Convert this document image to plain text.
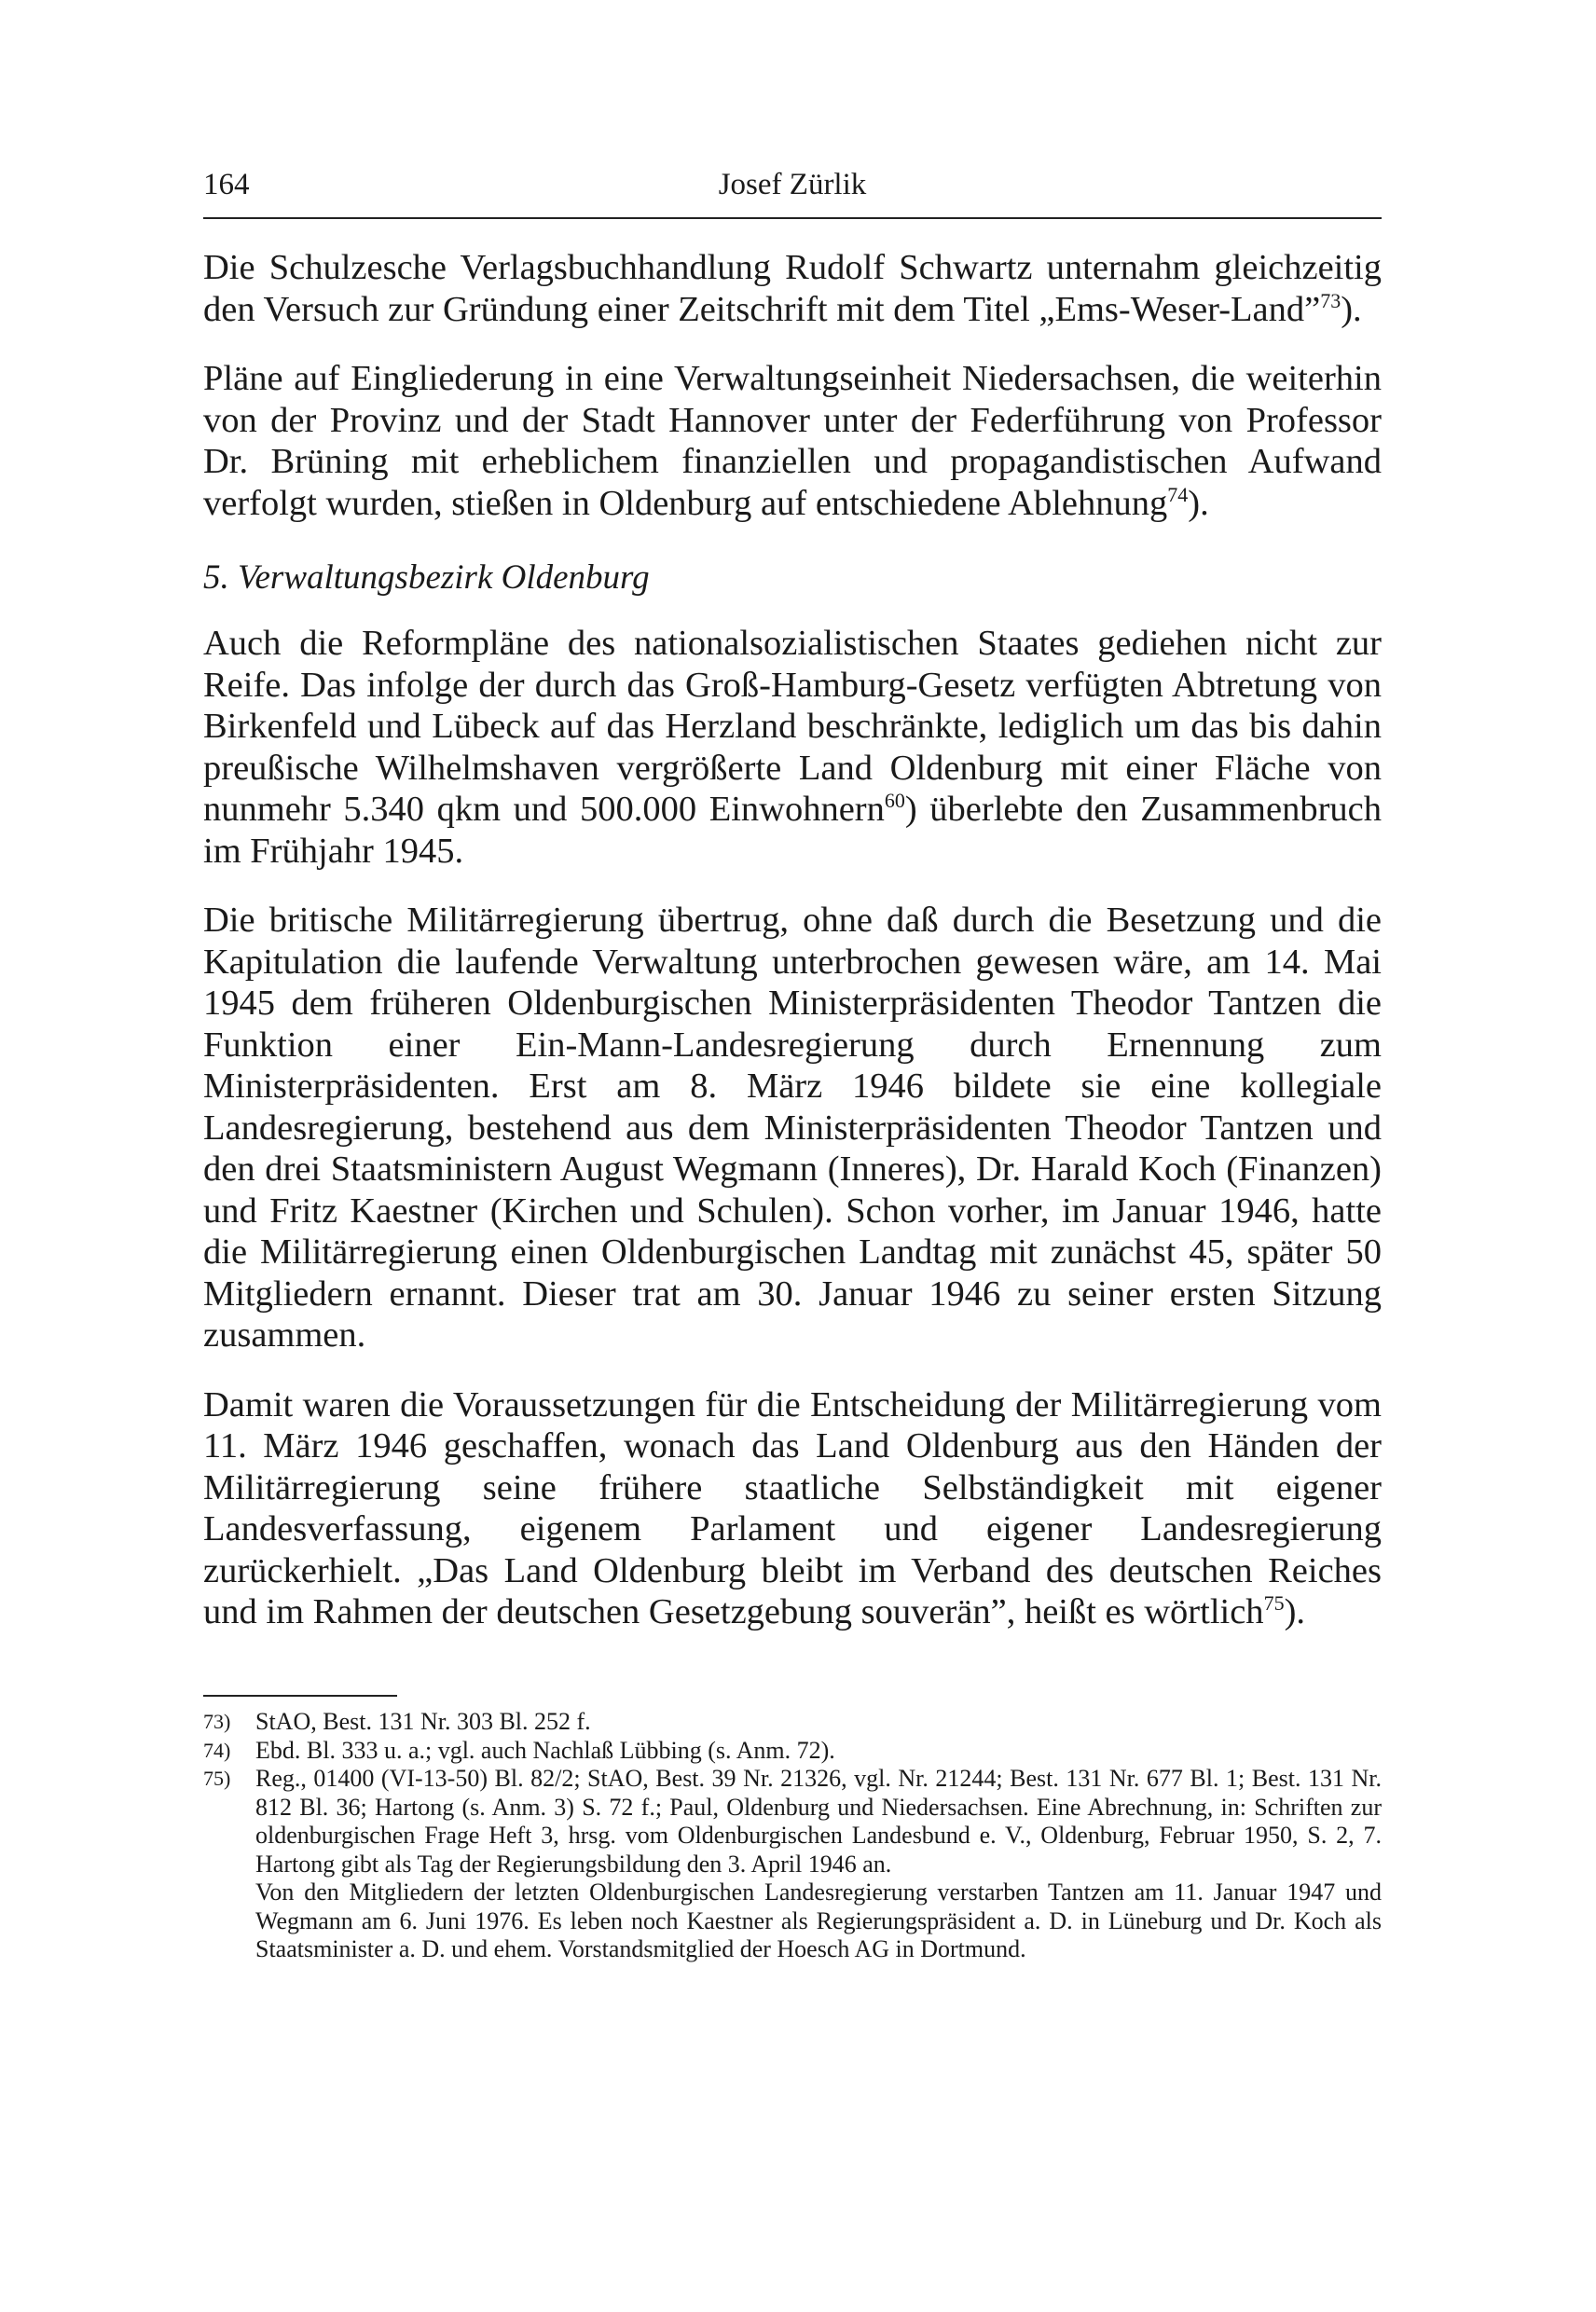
164	Josef Zürlik

Die Schulzesche Verlagsbuchhandlung Rudolf Schwartz unternahm gleichzeitig den Versuch zur Gründung einer Zeitschrift mit dem Titel „Ems-Weser-Land”$^{73}$).

Pläne auf Eingliederung in eine Verwaltungseinheit Niedersachsen, die weiterhin von der Provinz und der Stadt Hannover unter der Federführung von Professor Dr. Brüning mit erheblichem finanziellen und propagandistischen Aufwand verfolgt wurden, stießen in Oldenburg auf entschiedene Ablehnung$^{74}$).

5. Verwaltungsbezirk Oldenburg

Auch die Reformpläne des nationalsozialistischen Staates gediehen nicht zur Reife. Das infolge der durch das Groß-Hamburg-Gesetz verfügten Abtretung von Birkenfeld und Lübeck auf das Herzland beschränkte, lediglich um das bis dahin preußische Wilhelmshaven vergrößerte Land Oldenburg mit einer Fläche von nunmehr 5.340 qkm und 500.000 Einwohnern$^{60}$) überlebte den Zusammenbruch im Frühjahr 1945.

Die britische Militärregierung übertrug, ohne daß durch die Besetzung und die Kapitulation die laufende Verwaltung unterbrochen gewesen wäre, am 14. Mai 1945 dem früheren Oldenburgischen Ministerpräsidenten Theodor Tantzen die Funktion einer Ein-Mann-Landesregierung durch Ernennung zum Ministerpräsidenten. Erst am 8. März 1946 bildete sie eine kollegiale Landesregierung, bestehend aus dem Ministerpräsidenten Theodor Tantzen und den drei Staatsministern August Wegmann (Inneres), Dr. Harald Koch (Finanzen) und Fritz Kaestner (Kirchen und Schulen). Schon vorher, im Januar 1946, hatte die Militärregierung einen Oldenburgischen Landtag mit zunächst 45, später 50 Mitgliedern ernannt. Dieser trat am 30. Januar 1946 zu seiner ersten Sitzung zusammen.

Damit waren die Voraussetzungen für die Entscheidung der Militärregierung vom 11. März 1946 geschaffen, wonach das Land Oldenburg aus den Händen der Militärregierung seine frühere staatliche Selbständigkeit mit eigener Landesverfassung, eigenem Parlament und eigener Landesregierung zurückerhielt. „Das Land Oldenburg bleibt im Verband des deutschen Reiches und im Rahmen der deutschen Gesetzgebung souverän”, heißt es wörtlich$^{75}$).

73) StAO, Best. 131 Nr. 303 Bl. 252 f.

74) Ebd. Bl. 333 u. a.; vgl. auch Nachlaß Lübbing (s. Anm. 72).

75) Reg., 01400 (VI-13-50) Bl. 82/2; StAO, Best. 39 Nr. 21326, vgl. Nr. 21244; Best. 131 Nr. 677 Bl. 1; Best. 131 Nr. 812 Bl. 36; Hartong (s. Anm. 3) S. 72 f.; Paul, Oldenburg und Niedersachsen. Eine Abrechnung, in: Schriften zur oldenburgischen Frage Heft 3, hrsg. vom Oldenburgischen Landesbund e. V., Oldenburg, Februar 1950, S. 2, 7. Hartong gibt als Tag der Regierungsbildung den 3. April 1946 an.

Von den Mitgliedern der letzten Oldenburgischen Landesregierung verstarben Tantzen am 11. Januar 1947 und Wegmann am 6. Juni 1976. Es leben noch Kaestner als Regierungspräsident a. D. in Lüneburg und Dr. Koch als Staatsminister a. D. und ehem. Vorstandsmitglied der Hoesch AG in Dortmund.
